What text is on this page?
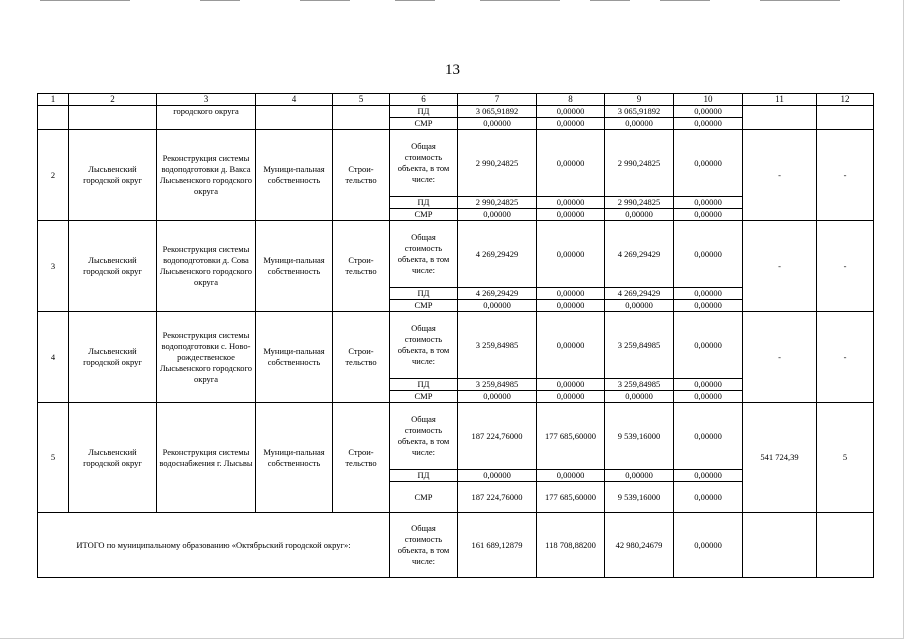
13
1	2	3	4	5	6	7	8	9	10	11	12
		городского округа			ПД	3 065,91892	0,00000	3 065,91892	0,00000		
					СМР	0,00000	0,00000	0,00000	0,00000		
2	Лысьвенский городской округ	Реконструкция системы водоподготовки д. Вакса Лысьвенского городского округа	Муници-пальная собственность	Строи-тельство	Общая стоимость объекта, в том числе:	2 990,24825	0,00000	2 990,24825	0,00000	-	-
					ПД	2 990,24825	0,00000	2 990,24825	0,00000		
					СМР	0,00000	0,00000	0,00000	0,00000		
3	Лысьвенский городской округ	Реконструкция системы водоподготовки д. Сова Лысьвенского городского округа	Муници-пальная собственность	Строи-тельство	Общая стоимость объекта, в том числе:	4 269,29429	0,00000	4 269,29429	0,00000	-	-
					ПД	4 269,29429	0,00000	4 269,29429	0,00000		
					СМР	0,00000	0,00000	0,00000	0,00000		
4	Лысьвенский городской округ	Реконструкция системы водоподготовки с. Ново-рождественское Лысьвенского городского округа	Муници-пальная собственность	Строи-тельство	Общая стоимость объекта, в том числе:	3 259,84985	0,00000	3 259,84985	0,00000	-	-
					ПД	3 259,84985	0,00000	3 259,84985	0,00000		
					СМР	0,00000	0,00000	0,00000	0,00000		
5	Лысьвенский городской округ	Реконструкция системы водоснабжения г. Лысьвы	Муници-пальная собственность	Строи-тельство	Общая стоимость объекта, в том числе:	187 224,76000	177 685,60000	9 539,16000	0,00000	541 724,39	5
					ПД	0,00000	0,00000	0,00000	0,00000		
					СМР	187 224,76000	177 685,60000	9 539,16000	0,00000		
ИТОГО по муниципальному образованию «Октябрьский городской округ»:					Общая стоимость объекта, в том числе:	161 689,12879	118 708,88200	42 980,24679	0,00000		
